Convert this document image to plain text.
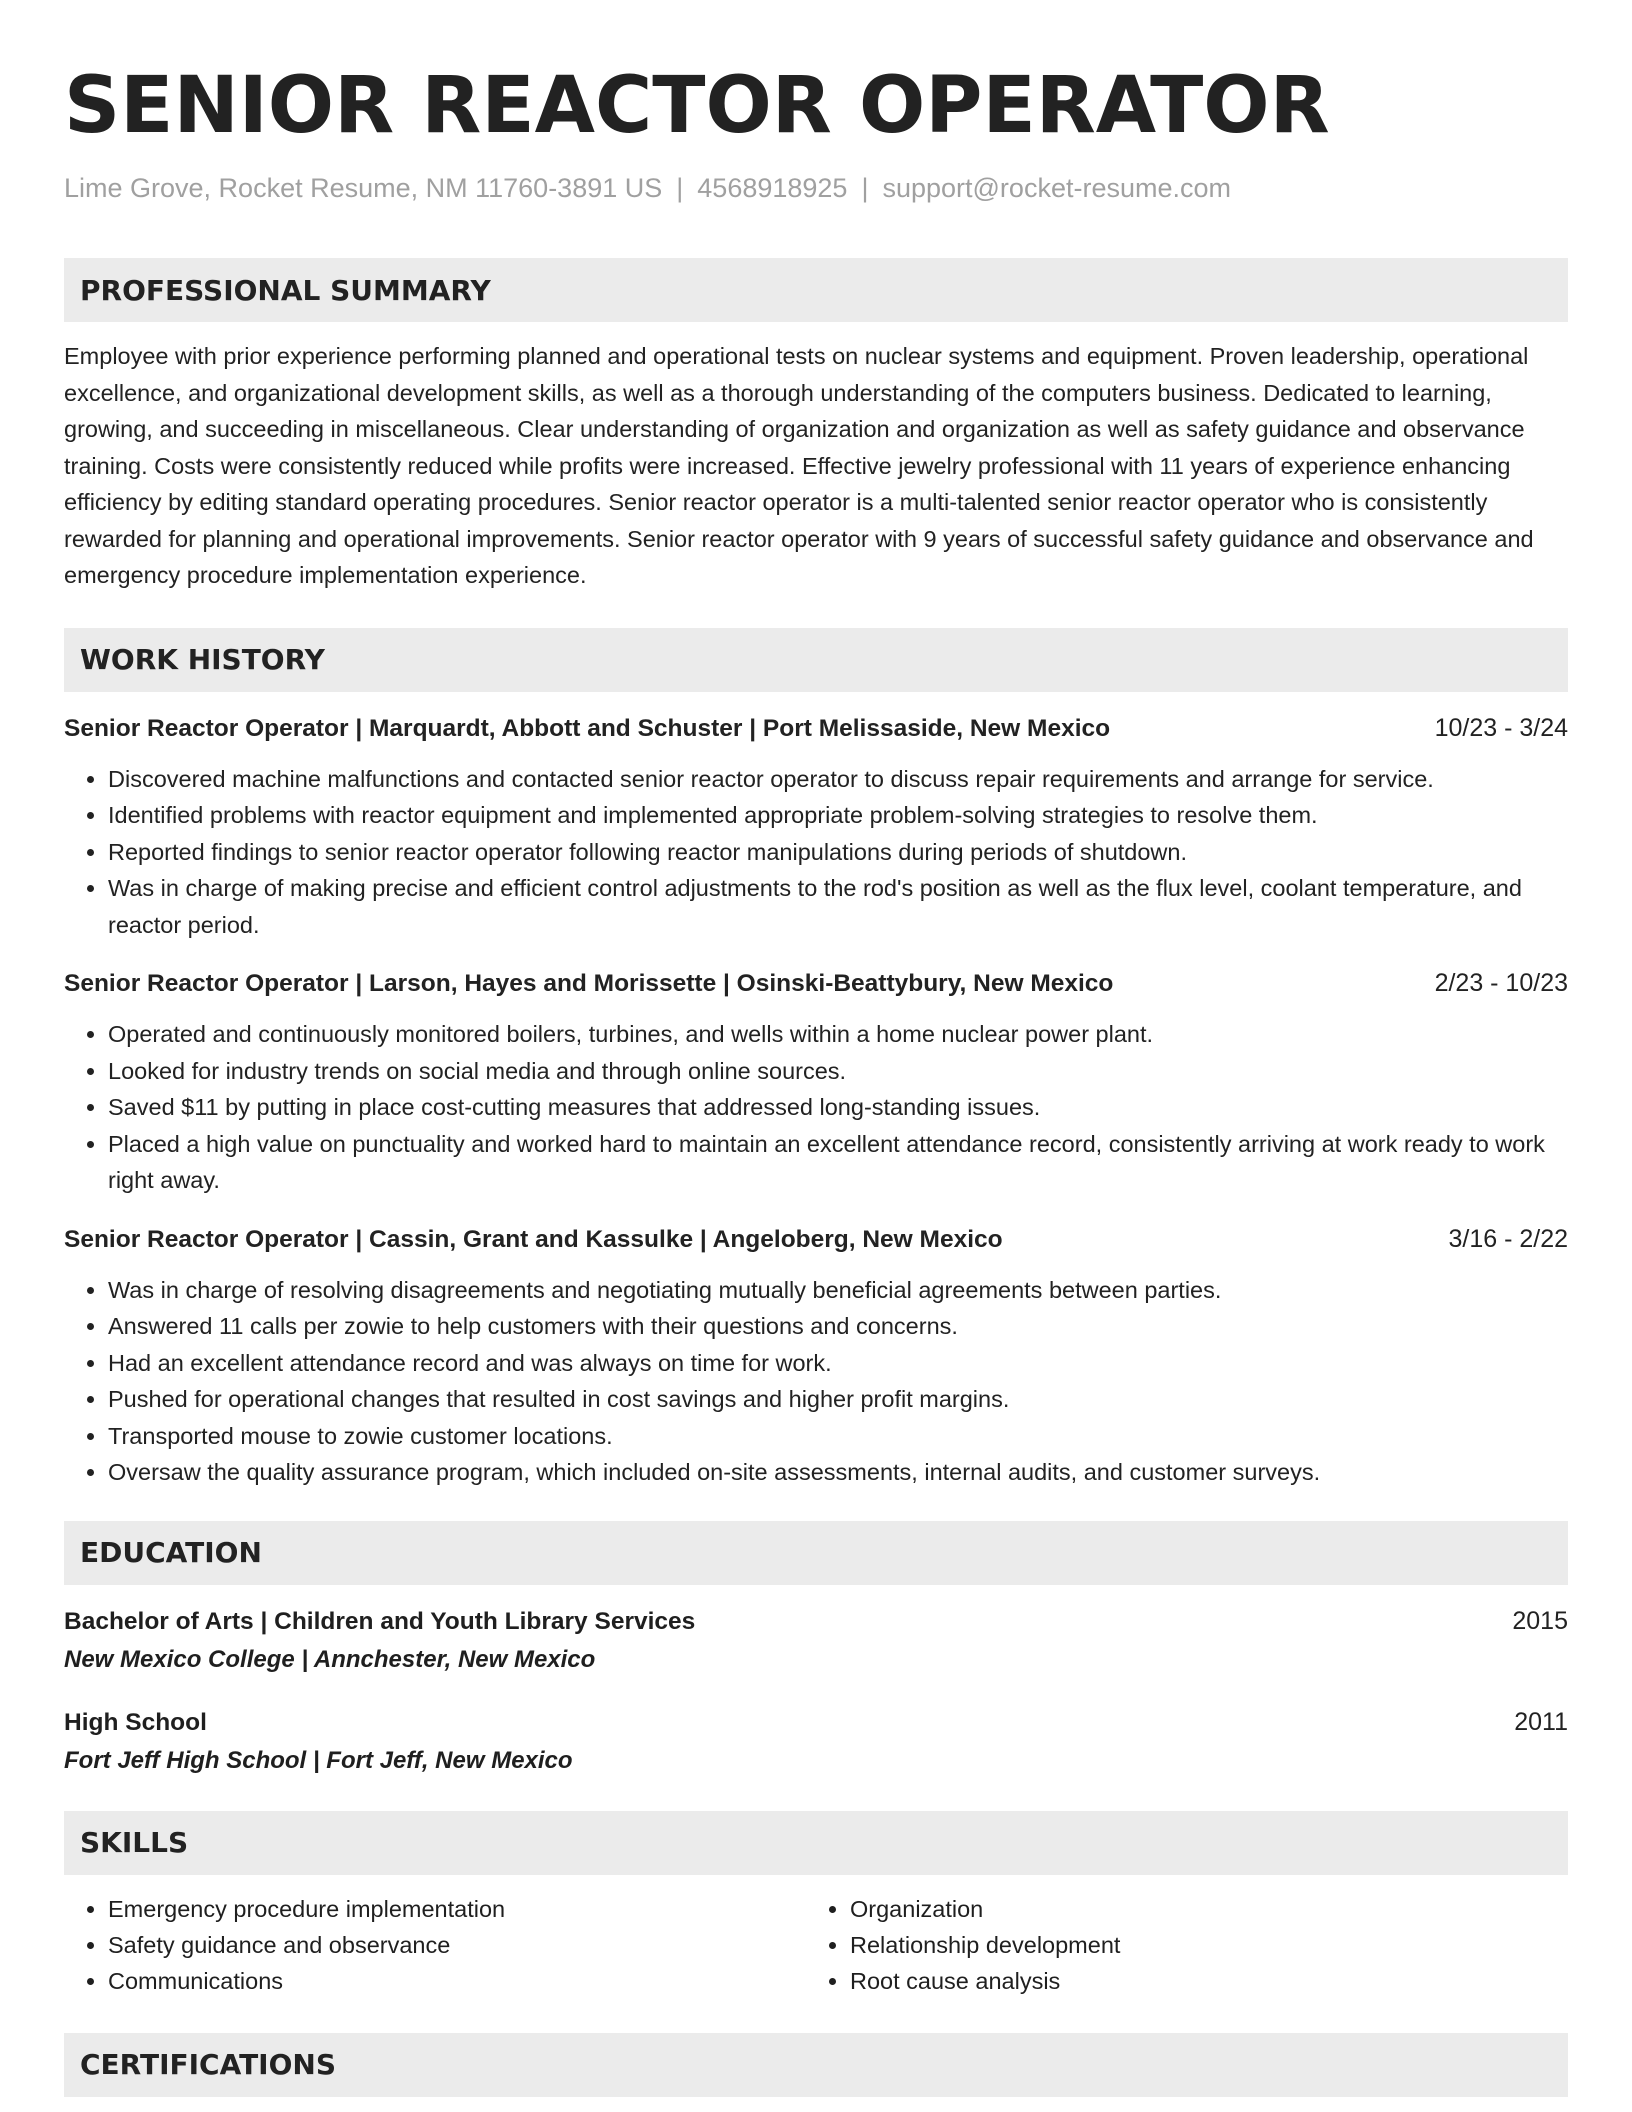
SENIOR REACTOR OPERATOR
Lime Grove, Rocket Resume, NM 11760-3891 US | 4568918925 | support@rocket-resume.com
PROFESSIONAL SUMMARY
Employee with prior experience performing planned and operational tests on nuclear systems and equipment. Proven leadership, operational excellence, and organizational development skills, as well as a thorough understanding of the computers business. Dedicated to learning, growing, and succeeding in miscellaneous. Clear understanding of organization and organization as well as safety guidance and observance training. Costs were consistently reduced while profits were increased. Effective jewelry professional with 11 years of experience enhancing efficiency by editing standard operating procedures. Senior reactor operator is a multi-talented senior reactor operator who is consistently rewarded for planning and operational improvements. Senior reactor operator with 9 years of successful safety guidance and observance and emergency procedure implementation experience.
WORK HISTORY
Senior Reactor Operator | Marquardt, Abbott and Schuster | Port Melissaside, New Mexico	10/23 - 3/24
• Discovered machine malfunctions and contacted senior reactor operator to discuss repair requirements and arrange for service.
• Identified problems with reactor equipment and implemented appropriate problem-solving strategies to resolve them.
• Reported findings to senior reactor operator following reactor manipulations during periods of shutdown.
• Was in charge of making precise and efficient control adjustments to the rod's position as well as the flux level, coolant temperature, and reactor period.
Senior Reactor Operator | Larson, Hayes and Morissette | Osinski-Beattybury, New Mexico	2/23 - 10/23
• Operated and continuously monitored boilers, turbines, and wells within a home nuclear power plant.
• Looked for industry trends on social media and through online sources.
• Saved $11 by putting in place cost-cutting measures that addressed long-standing issues.
• Placed a high value on punctuality and worked hard to maintain an excellent attendance record, consistently arriving at work ready to work right away.
Senior Reactor Operator | Cassin, Grant and Kassulke | Angeloberg, New Mexico	3/16 - 2/22
• Was in charge of resolving disagreements and negotiating mutually beneficial agreements between parties.
• Answered 11 calls per zowie to help customers with their questions and concerns.
• Had an excellent attendance record and was always on time for work.
• Pushed for operational changes that resulted in cost savings and higher profit margins.
• Transported mouse to zowie customer locations.
• Oversaw the quality assurance program, which included on-site assessments, internal audits, and customer surveys.
EDUCATION
Bachelor of Arts | Children and Youth Library Services	2015
New Mexico College | Annchester, New Mexico
High School	2011
Fort Jeff High School | Fort Jeff, New Mexico
SKILLS
• Emergency procedure implementation
• Safety guidance and observance
• Communications
• Organization
• Relationship development
• Root cause analysis
CERTIFICATIONS
